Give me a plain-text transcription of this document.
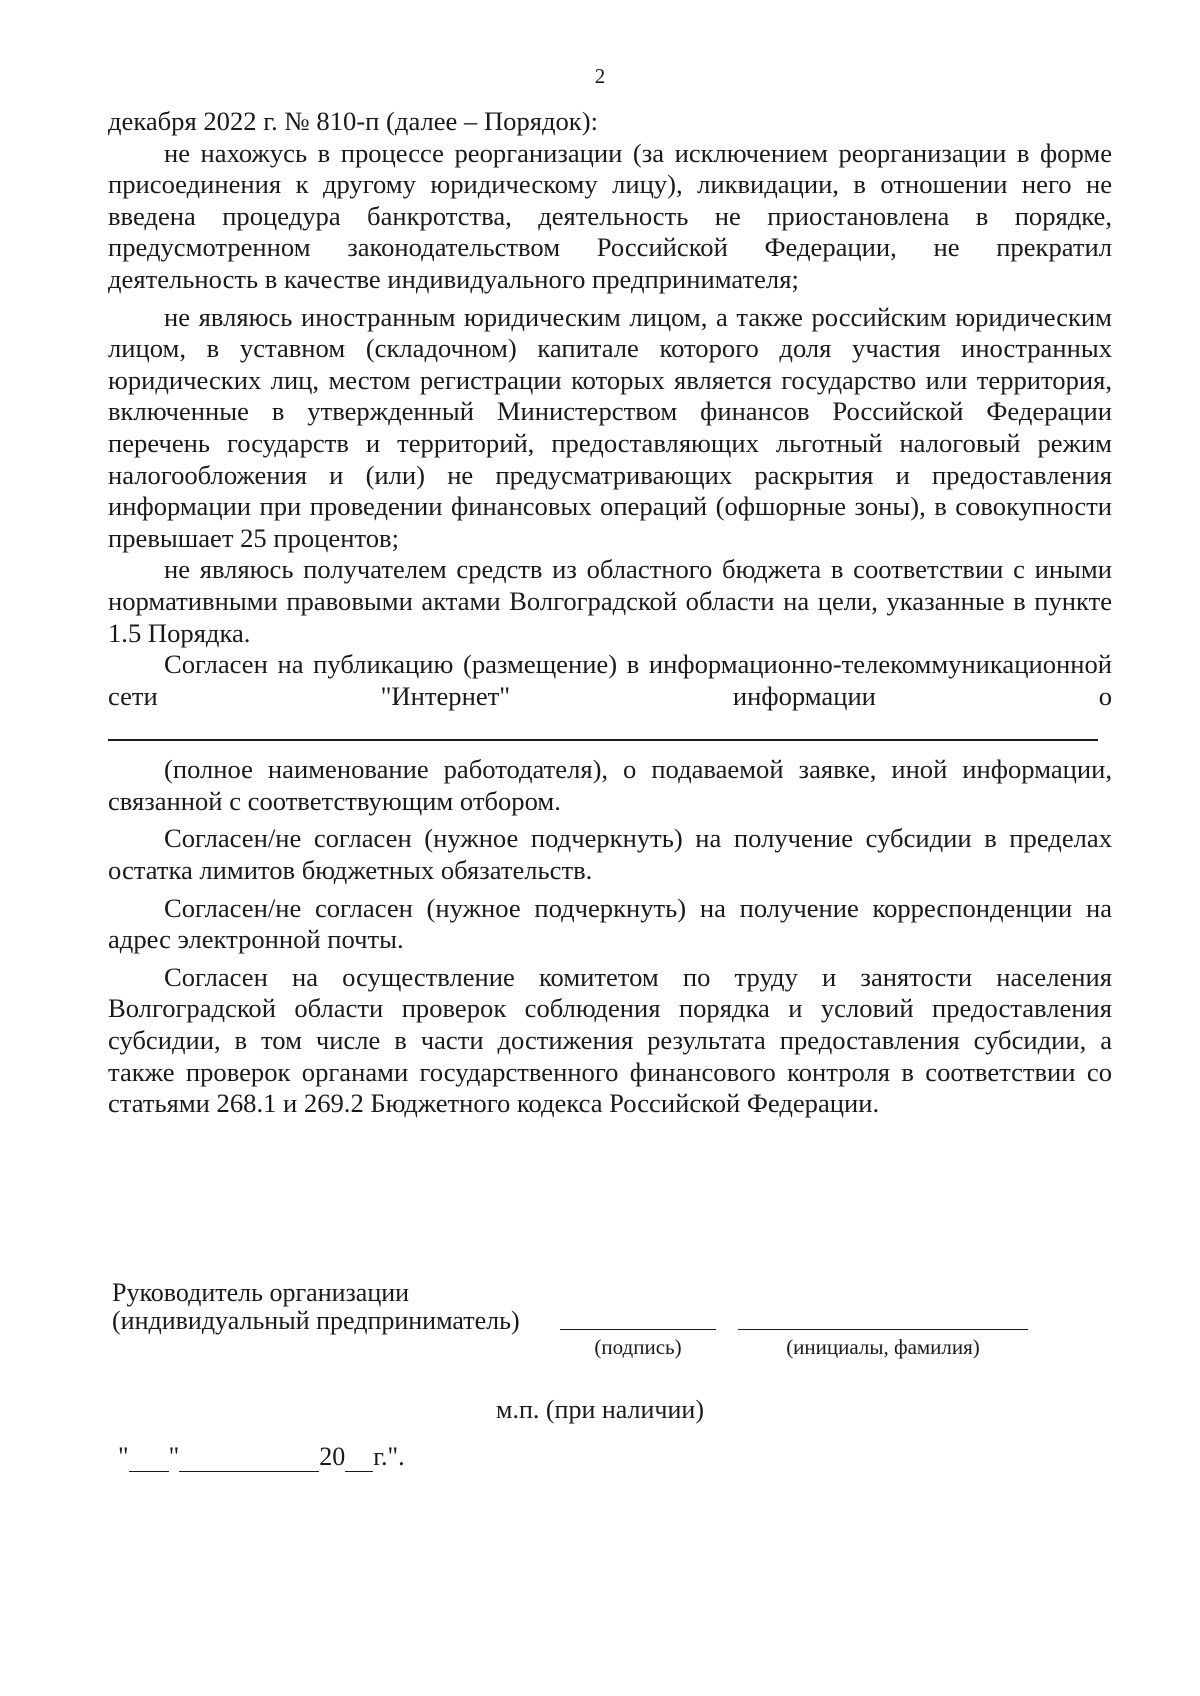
2

декабря 2022 г. № 810-п (далее – Порядок):

не нахожусь в процессе реорганизации (за исключением реорганизации в форме присоединения к другому юридическому лицу), ликвидации, в отношении него не введена процедура банкротства, деятельность не приостановлена в порядке, предусмотренном законодательством Российской Федерации, не прекратил деятельность в качестве индивидуального предпринимателя;

не являюсь иностранным юридическим лицом, а также российским юридическим лицом, в уставном (складочном) капитале которого доля участия иностранных юридических лиц, местом регистрации которых является государство или территория, включенные в утвержденный Министерством финансов Российской Федерации перечень государств и территорий, предоставляющих льготный налоговый режим налогообложения и (или) не предусматривающих раскрытия и предоставления информации при проведении финансовых операций (офшорные зоны), в совокупности превышает 25 процентов;

не являюсь получателем средств из областного бюджета в соответствии с иными нормативными правовыми актами Волгоградской области на цели, указанные в пункте 1.5 Порядка.

Согласен на публикацию (размещение) в информационно-телекоммуникационной сети "Интернет" информации о

(полное наименование работодателя), о подаваемой заявке, иной информации, связанной с соответствующим отбором.

Согласен/не согласен (нужное подчеркнуть) на получение субсидии в пределах остатка лимитов бюджетных обязательств.

Согласен/не согласен (нужное подчеркнуть) на получение корреспонденции на адрес электронной почты.

Согласен на осуществление комитетом по труду и занятости населения Волгоградской области проверок соблюдения порядка и условий предоставления субсидии, в том числе в части достижения результата предоставления субсидии, а также проверок органами государственного финансового контроля в соответствии со статьями 268.1 и 269.2 Бюджетного кодекса Российской Федерации.

Руководитель организации
(индивидуальный предприниматель)
(подпись)	(инициалы, фамилия)
м.п. (при наличии)
" "	20 г.".
